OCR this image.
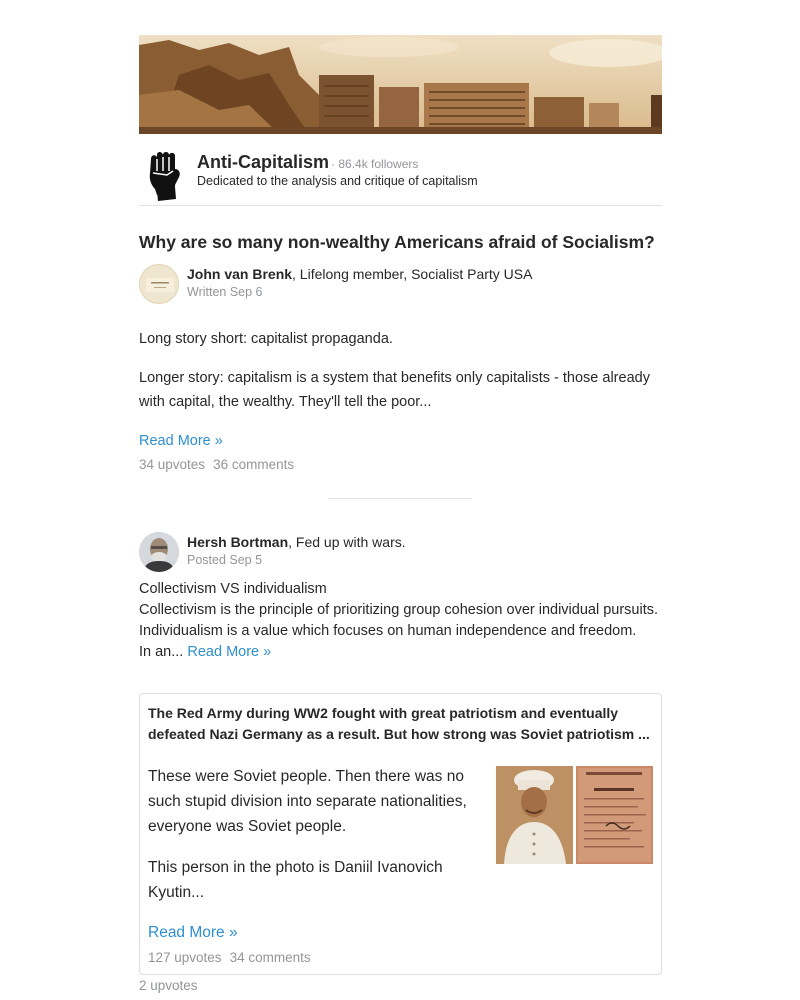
Anti-Capitalism · 86.4k followers
Dedicated to the analysis and critique of capitalism
Why are so many non-wealthy Americans afraid of Socialism?
John van Brenk, Lifelong member, Socialist Party USA
Written Sep 6
Long story short: capitalist propaganda.
Longer story: capitalism is a system that benefits only capitalists - those already with capital, the wealthy. They'll tell the poor...
Read More »
34 upvotes 36 comments
Hersh Bortman, Fed up with wars.
Posted Sep 5
Collectivism VS individualism
Collectivism is the principle of prioritizing group cohesion over individual pursuits. Individualism is a value which focuses on human independence and freedom.
In an... Read More »
The Red Army during WW2 fought with great patriotism and eventually defeated Nazi Germany as a result. But how strong was Soviet patriotism ...
These were Soviet people. Then there was no such stupid division into separate nationalities, everyone was Soviet people.
This person in the photo is Daniil Ivanovich Kyutin...
Read More »
127 upvotes 34 comments
2 upvotes
